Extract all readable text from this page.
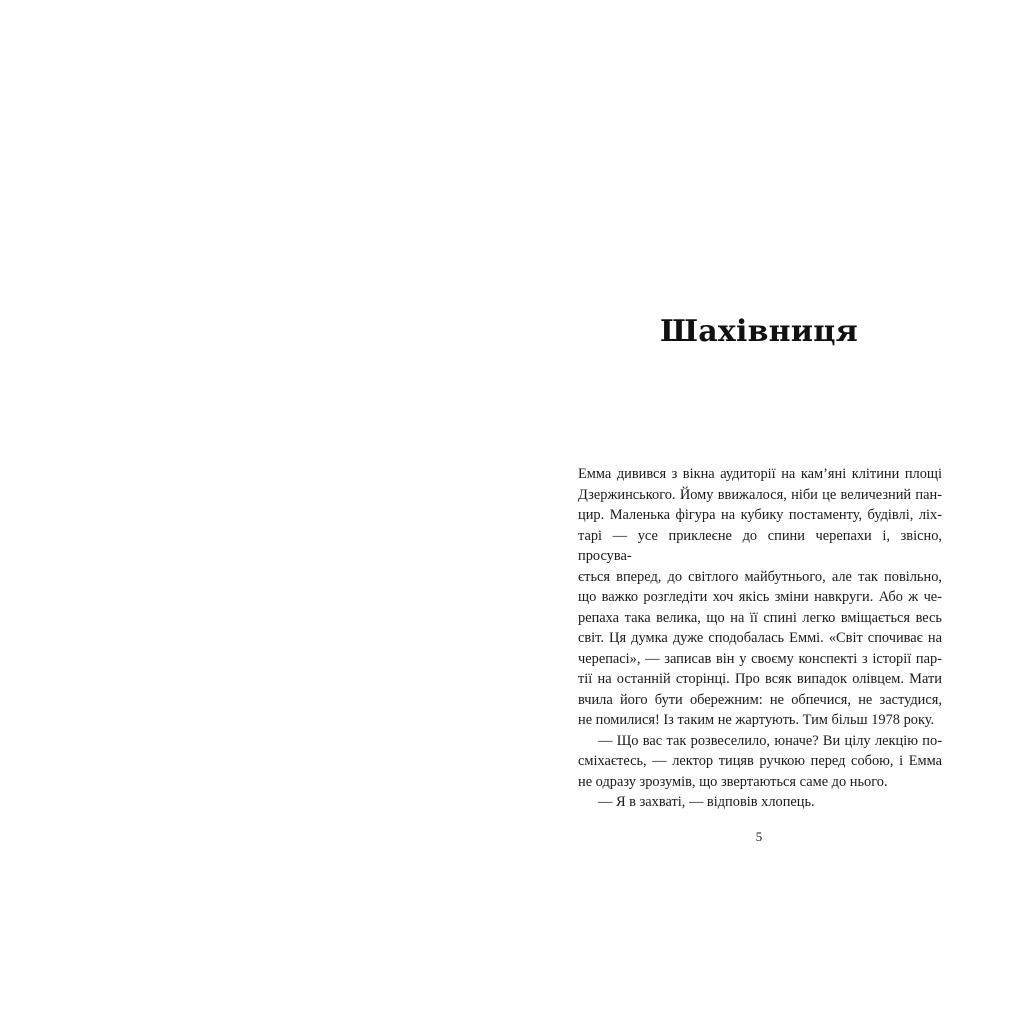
Шахівниця

Емма дивився з вікна аудиторії на кам’яні клітини площі

Дзержинського. Йому ввижалося, ніби це величезний пан-

цир. Маленька фігура на кубику постаменту, будівлі, ліх-

тарі — усе приклеєне до спини черепахи і, звісно, просува-

ється вперед, до світлого майбутнього, але так повільно,

що важко розгледіти хоч якісь зміни навкруги. Або ж че-

репаха така велика, що на її спині легко вміщається весь

світ. Ця думка дуже сподобалась Еммі. «Світ спочиває на

черепасі», — записав він у своєму конспекті з історії пар-

тії на останній сторінці. Про всяк випадок олівцем. Мати

вчила його бути обережним: не обпечися, не застудися,

не помилися! Із таким не жартують. Тим більш 1978 року.

— Що вас так розвеселило, юначе? Ви цілу лекцію по-

сміхаєтесь, — лектор тицяв ручкою перед собою, і Емма

не одразу зрозумів, що звертаються саме до нього.

— Я в захваті, — відповів хлопець.

5
